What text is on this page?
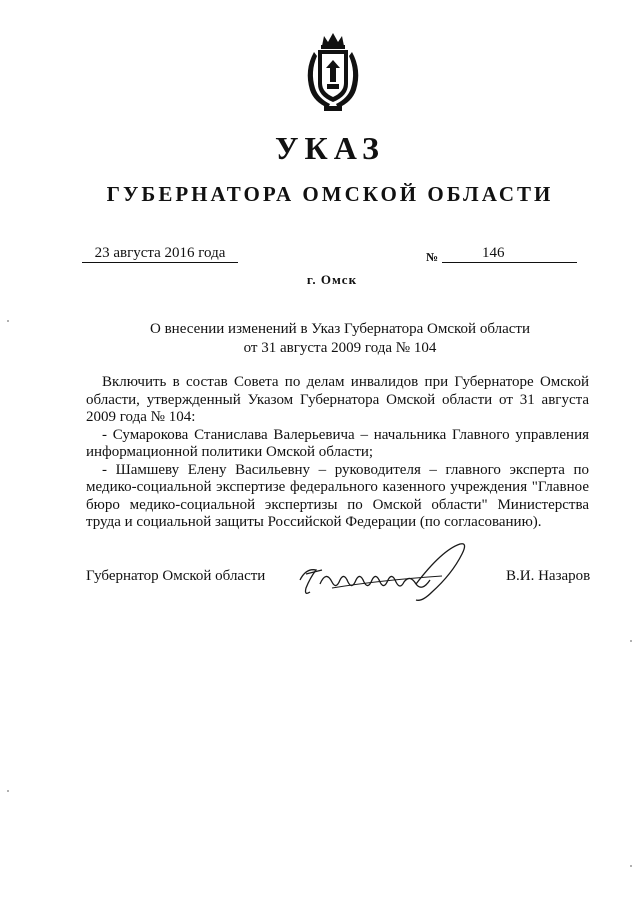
УКАЗ
ГУБЕРНАТОРА ОМСКОЙ ОБЛАСТИ
23 августа 2016 года	№	146
г. Омск
О внесении изменений в Указ Губернатора Омской области
от 31 августа 2009 года № 104

Включить в состав Совета по делам инвалидов при Губернаторе Омской области, утвержденный Указом Губернатора Омской области от 31 августа 2009 года № 104:

- Сумарокова Станислава Валерьевича – начальника Главного управления информационной политики Омской области;

- Шамшеву Елену Васильевну – руководителя – главного эксперта по медико-социальной экспертизе федерального казенного учреждения "Главное бюро медико-социальной экспертизы по Омской области" Министерства труда и социальной защиты Российской Федерации (по согласованию).

Губернатор Омской области	В.И. Назаров
